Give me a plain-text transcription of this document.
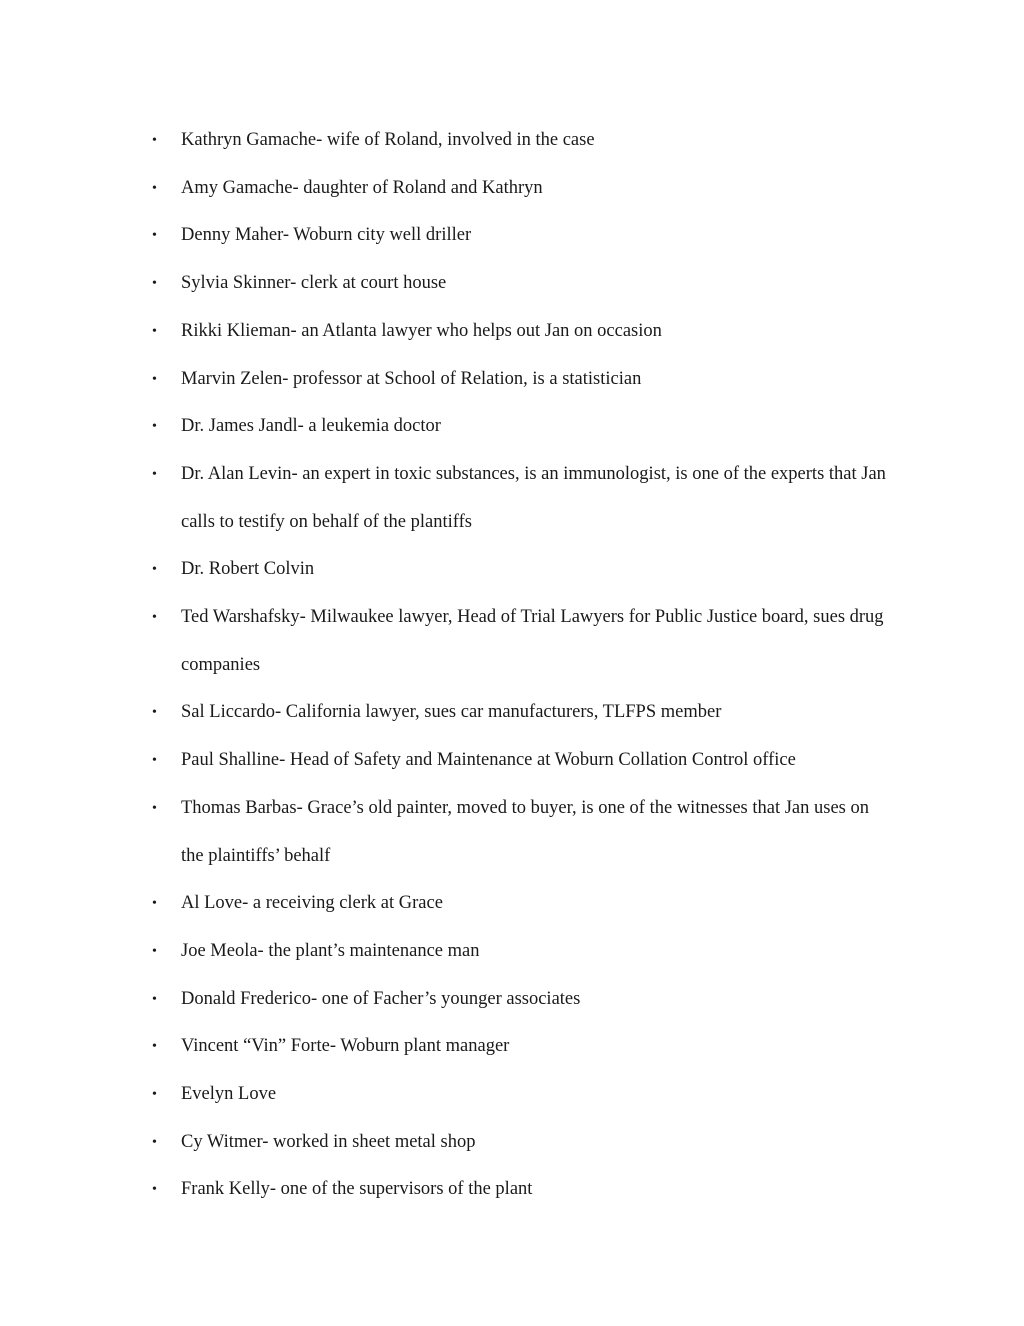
• Kathryn Gamache- wife of Roland, involved in the case
• Amy Gamache- daughter of Roland and Kathryn
• Denny Maher- Woburn city well driller
• Sylvia Skinner- clerk at court house
• Rikki Klieman- an Atlanta lawyer who helps out Jan on occasion
• Marvin Zelen- professor at School of Relation, is a statistician
• Dr. James Jandl- a leukemia doctor
• Dr. Alan Levin- an expert in toxic substances, is an immunologist, is one of the experts that Jan calls to testify on behalf of the plantiffs
• Dr. Robert Colvin
• Ted Warshafsky- Milwaukee lawyer, Head of Trial Lawyers for Public Justice board, sues drug companies
• Sal Liccardo- California lawyer, sues car manufacturers, TLFPS member
• Paul Shalline- Head of Safety and Maintenance at Woburn Collation Control office
• Thomas Barbas- Grace’s old painter, moved to buyer, is one of the witnesses that Jan uses on the plaintiffs’ behalf
• Al Love- a receiving clerk at Grace
• Joe Meola- the plant’s maintenance man
• Donald Frederico- one of Facher’s younger associates
• Vincent “Vin” Forte- Woburn plant manager
• Evelyn Love
• Cy Witmer- worked in sheet metal shop
• Frank Kelly- one of the supervisors of the plant
